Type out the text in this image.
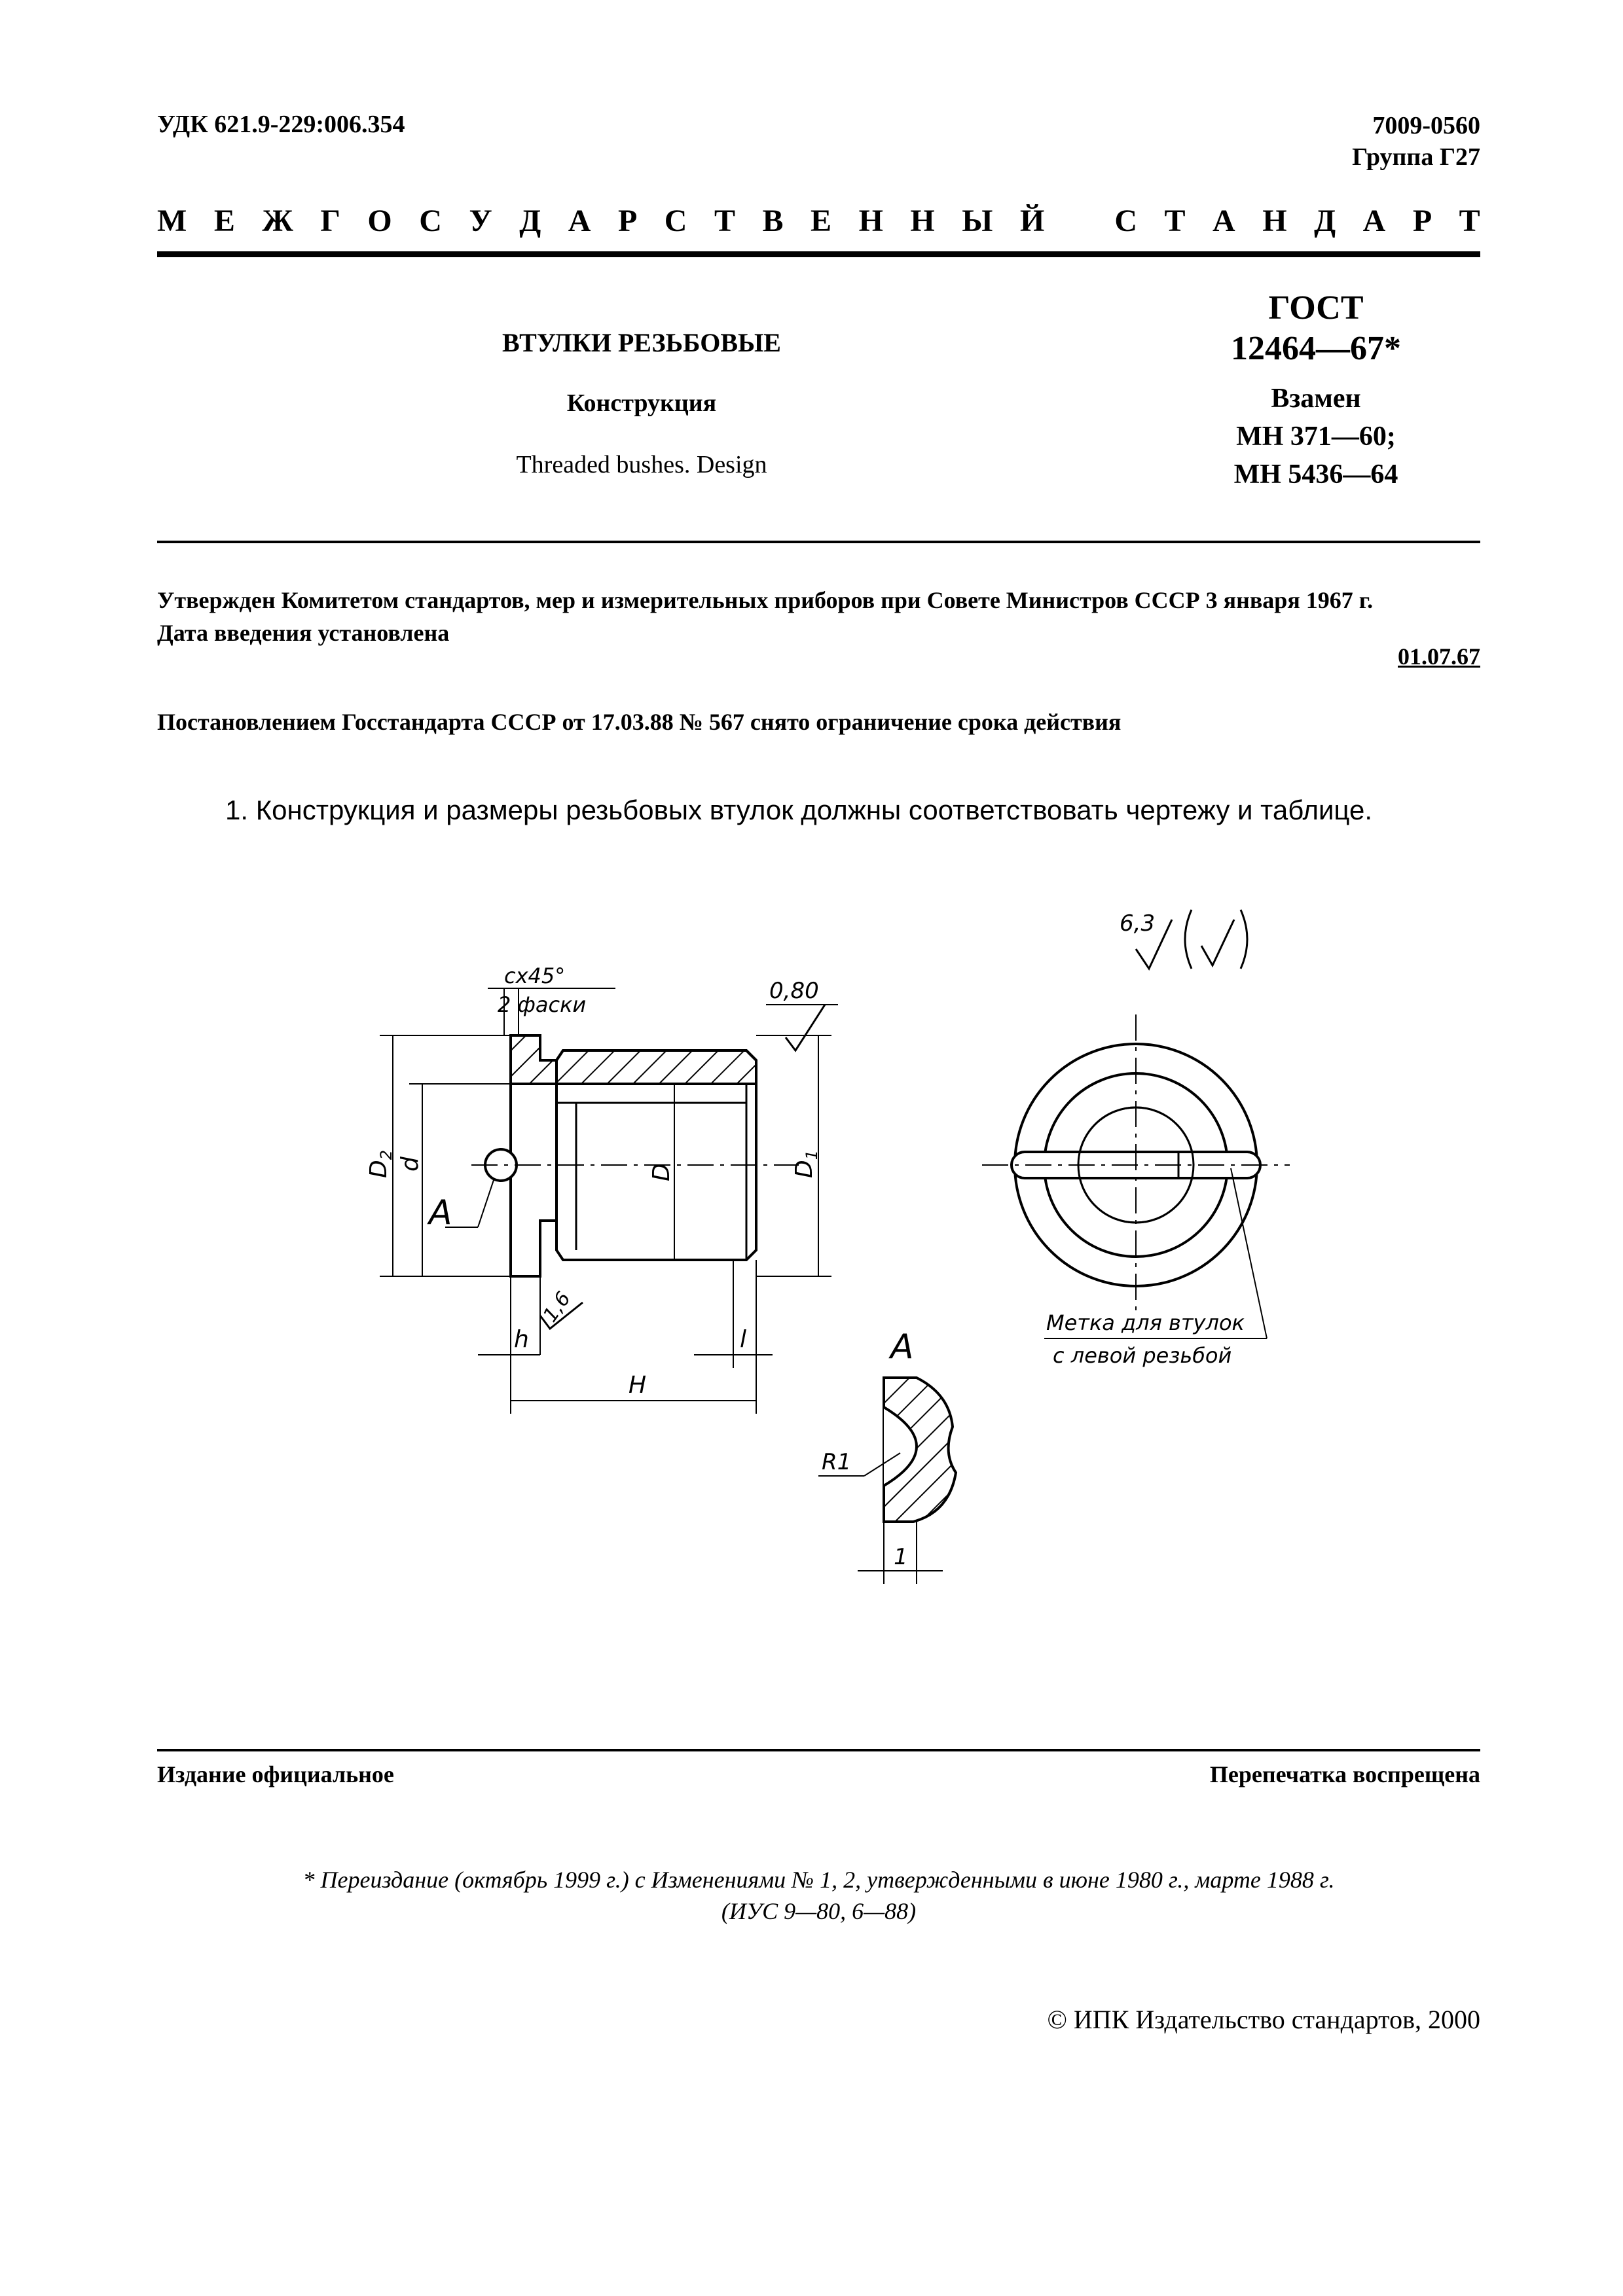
УДК 621.9-229:006.354	7009-0560
Группа Г27
М Е Ж Г О С У Д А Р С Т В Е Н Н Ы Й
С Т А Н Д А Р Т
ВТУЛКИ РЕЗЬБОВЫЕ
Конструкция
Threaded bushes. Design
ГОСТ
12464—67*
Взамен
МН 371—60;
МН 5436—64
Утвержден Комитетом стандартов, мер и измерительных приборов при Совете Министров СССР 3 января 1967 г.
Дата введения установлена
01.07.67
Постановлением Госстандарта СССР от 17.03.88 № 567 снято ограничение срока действия
1. Конструкция и размеры резьбовых втулок должны соответствовать чертежу и таблице.
cx45°
2 фаски
0,80
$D_2$
d	D	$D_1$
h	l
H
1,6
A
6,3
Метка для втулок
с левой резьбой
A
R1
1
Издание официальное	Перепечатка воспрещена
* Переиздание (октябрь 1999 г.) с Изменениями № 1, 2, утвержденными в июне 1980 г., марте 1988 г.
(ИУС 9—80, 6—88)
© ИПК Издательство стандартов, 2000
